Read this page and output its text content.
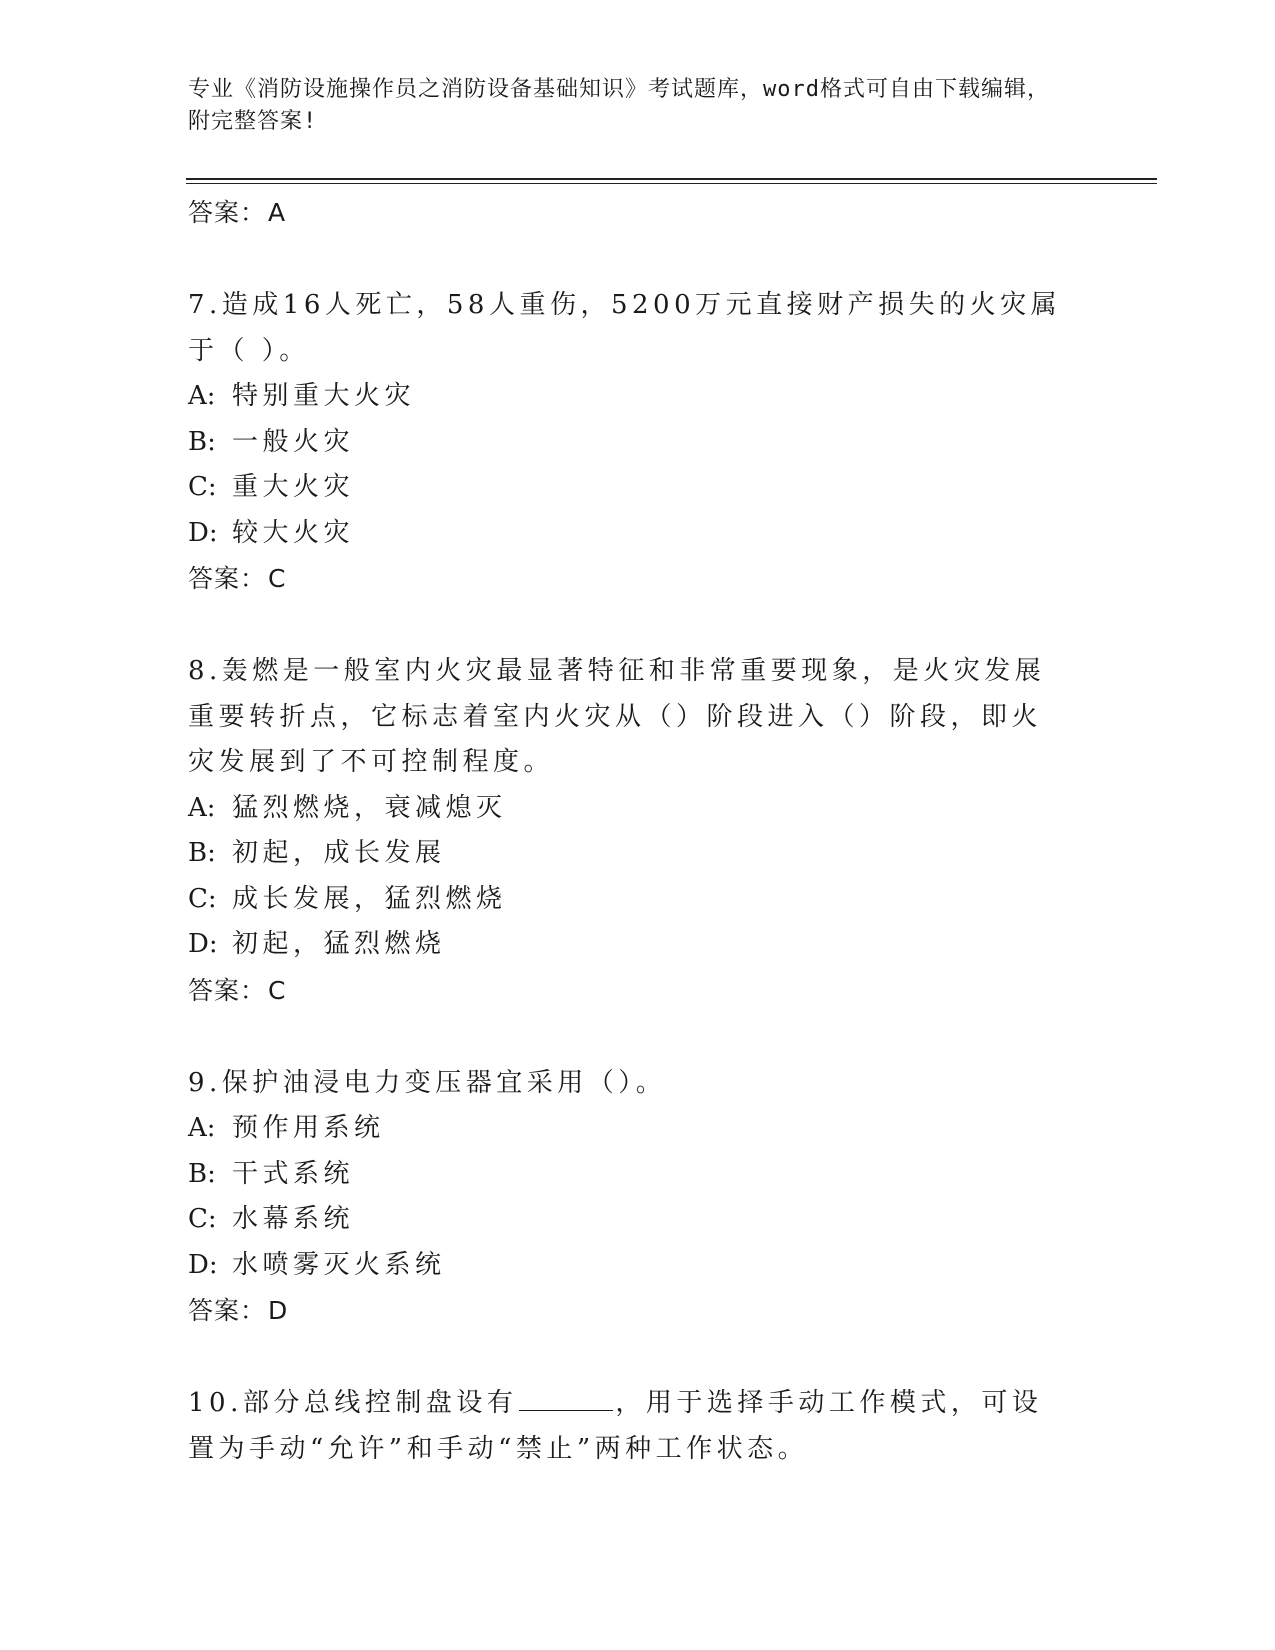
专业《消防设施操作员之消防设备基础知识》考试题库，word格式可自由下载编辑，附完整答案!
答案：A
7.造成16人死亡，58人重伤，5200万元直接财产损失的火灾属于（ ）。
A: 特别重大火灾
B: 一般火灾
C: 重大火灾
D: 较大火灾
答案：C
8.轰燃是一般室内火灾最显著特征和非常重要现象，是火灾发展重要转折点，它标志着室内火灾从（）阶段进入（）阶段，即火灾发展到了不可控制程度。
A: 猛烈燃烧，衰减熄灭
B: 初起，成长发展
C: 成长发展，猛烈燃烧
D: 初起，猛烈燃烧
答案：C
9.保护油浸电力变压器宜采用（）。
A: 预作用系统
B: 干式系统
C: 水幕系统
D: 水喷雾灭火系统
答案：D
10.部分总线控制盘设有	，用于选择手动工作模式，可设置为手动“允许”和手动“禁止”两种工作状态。
